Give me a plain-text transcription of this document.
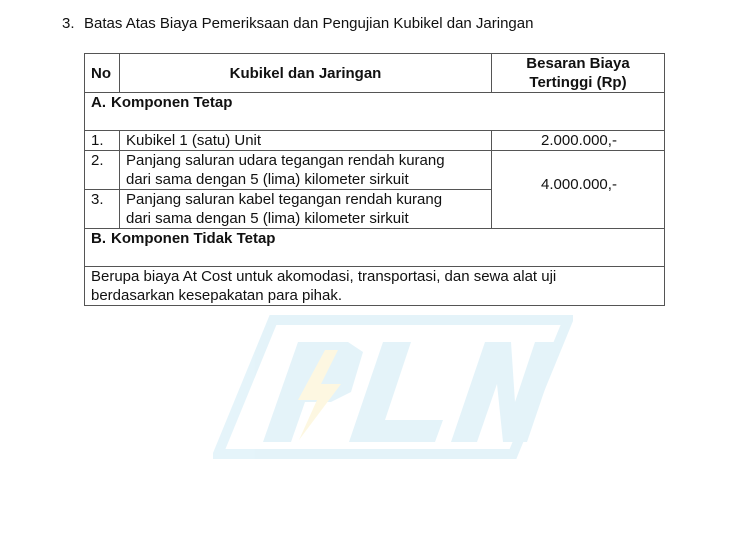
PLN
3. Batas Atas Biaya Pemeriksaan dan Pengujian Kubikel dan Jaringan
No	Kubikel dan Jaringan	Besaran Biaya
Tertinggi (Rp)

A. Komponen Tetap		
1.	Kubikel 1 (satu) Unit	2.000.000,-
2.	Panjang saluran udara tegangan rendah kurang
dari sama dengan 5 (lima) kilometer sirkuit	4.000.000,-
3.	Panjang saluran kabel tegangan rendah kurang
dari sama dengan 5 (lima) kilometer sirkuit	

B. Komponen Tidak Tetap		

Berupa biaya At Cost untuk akomodasi, transportasi, dan sewa alat uji
berdasarkan kesepakatan para pihak.		
